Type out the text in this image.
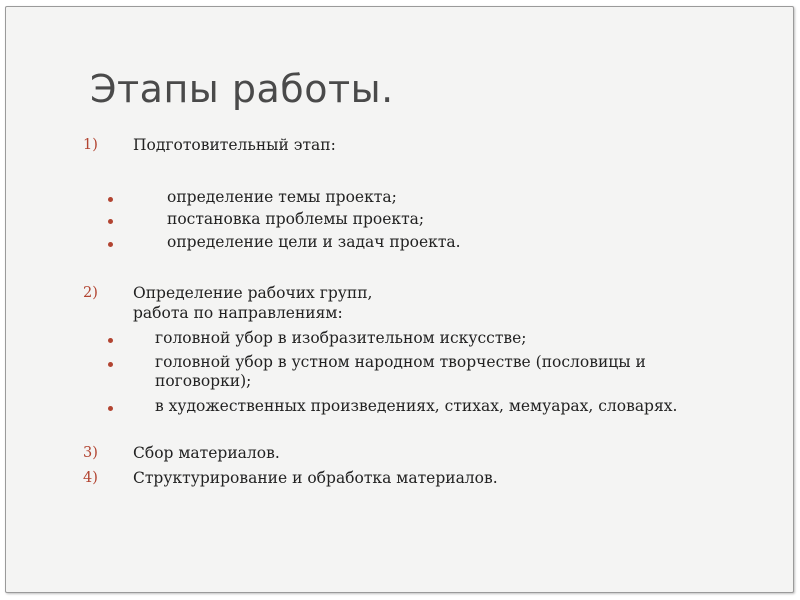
Этапы работы.
1) Подготовительный этап:
определение темы проекта;
постановка проблемы проекта;
определение цели и задач проекта.
2) Определение рабочих групп,
работа по направлениям:
головной убор в изобразительном искусстве;
головной убор в устном народном творчестве (пословицы и
поговорки);
в художественных произведениях, стихах, мемуарах, словарях.
3) Сбор материалов.
4) Структурирование и обработка материалов.
